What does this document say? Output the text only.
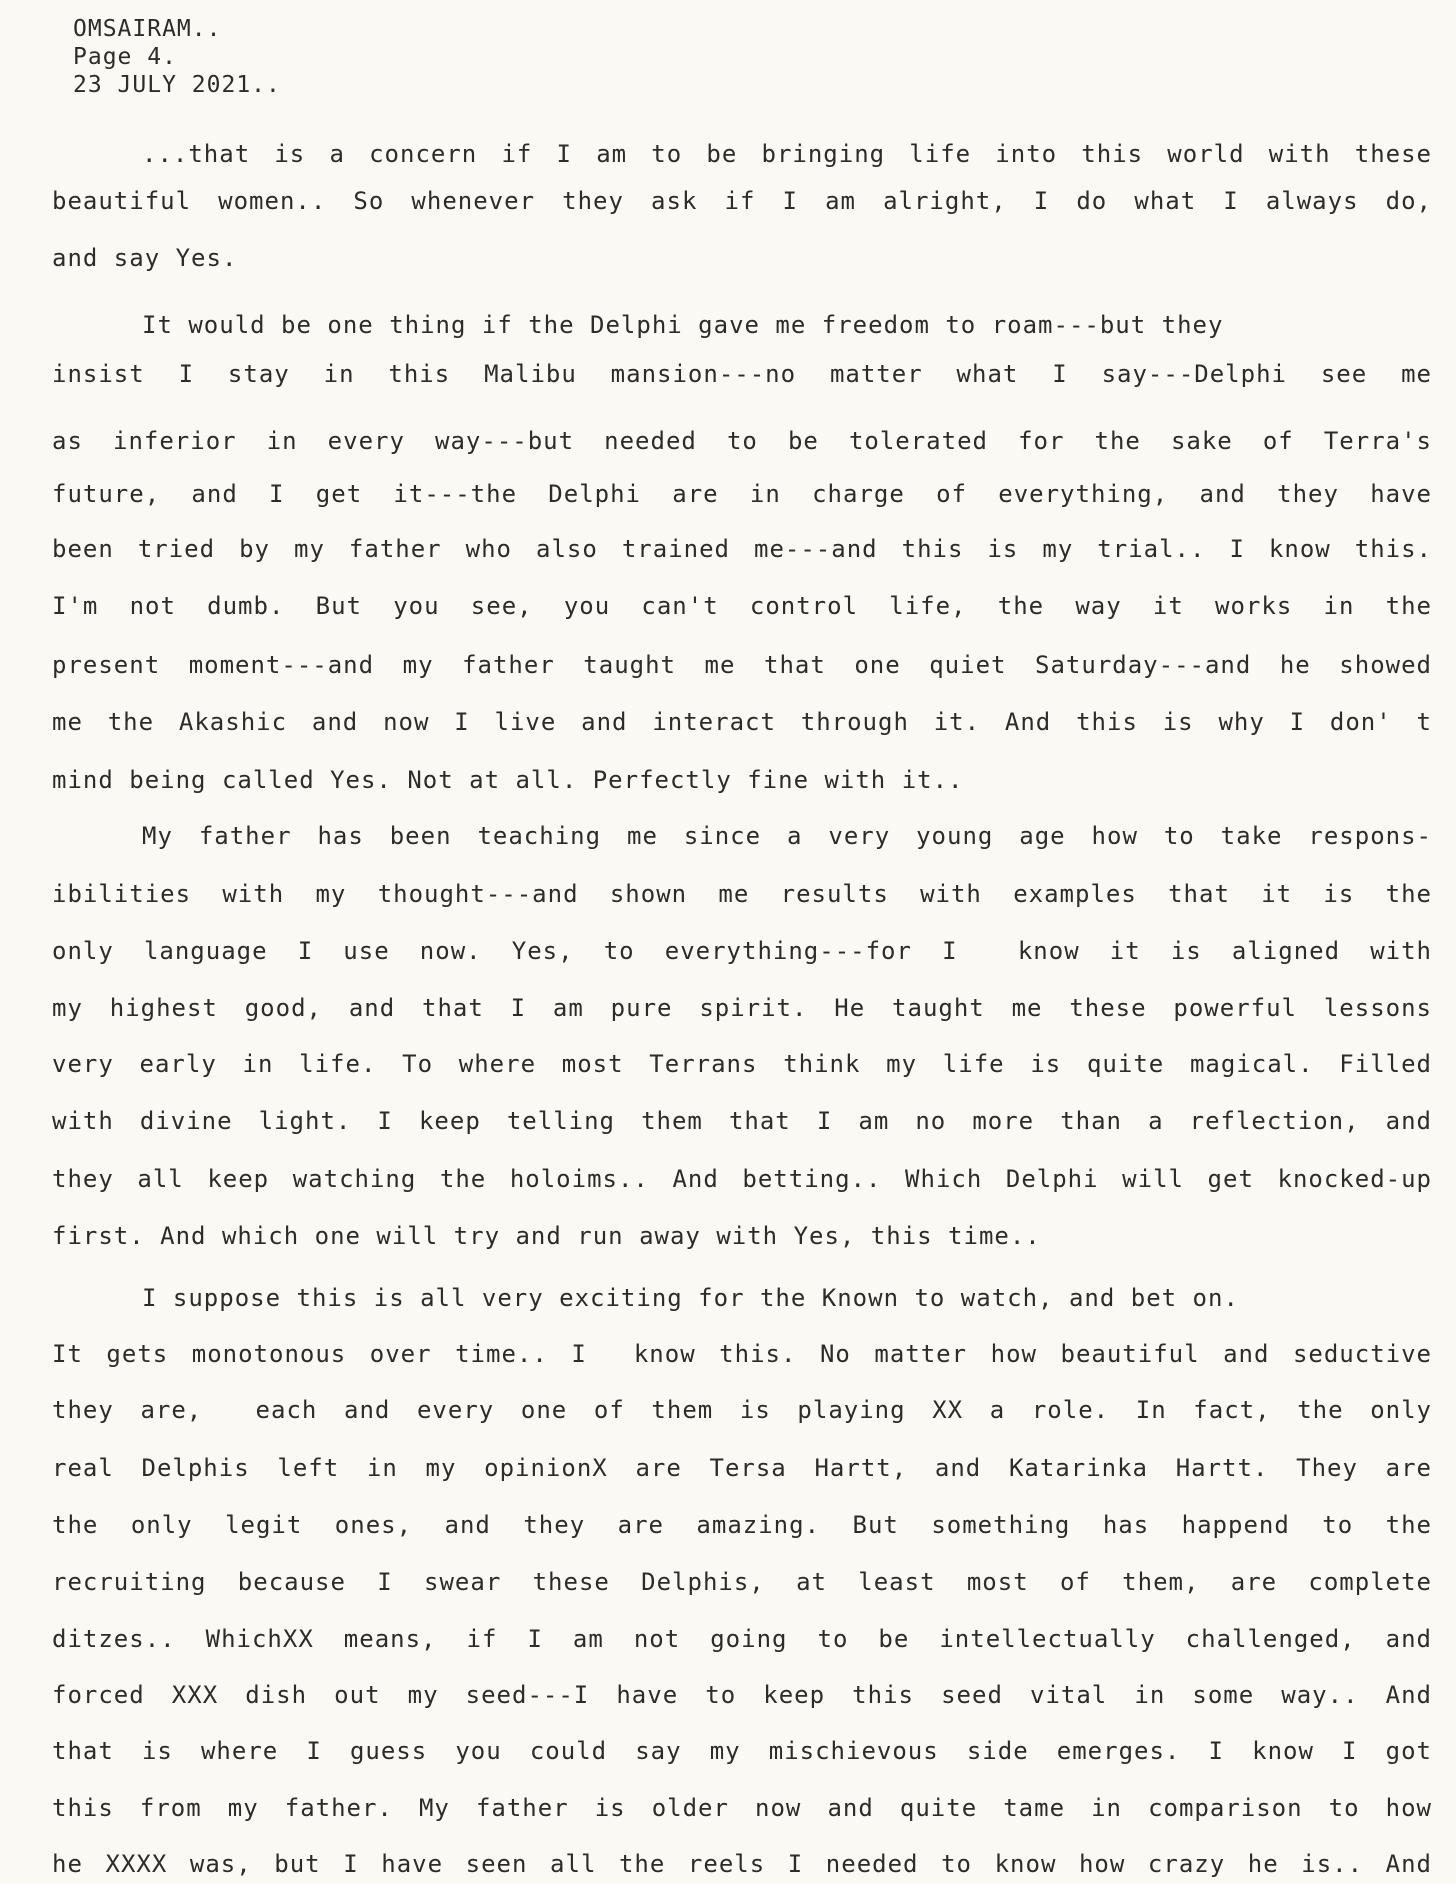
OMSAIRAM..
Page 4.
23 JULY 2021..
...that is a concern if I am to be bringing life into this world with these
beautiful women.. So whenever they ask if I am alright, I do what I always do,
and say Yes.
It would be one thing if the Delphi gave me freedom to roam---but they
insist I stay in this Malibu mansion---no matter what I say---Delphi see me
as inferior in every way---but needed to be tolerated for the sake of Terra's
future, and I get it---the Delphi are in charge of everything, and they have
been tried by my father who also trained me---and this is my trial.. I know this.
I'm not dumb. But you see, you can't control life, the way it works in the
present moment---and my father taught me that one quiet Saturday---and he showed
me the Akashic and now I live and interact through it. And this is why I don' t
mind being called Yes. Not at all. Perfectly fine with it..
My father has been teaching me since a very young age how to take respons-
ibilities with my thought---and shown me results with examples that it is the
only language I use now. Yes, to everything---for I  know it is aligned with
my highest good, and that I am pure spirit. He taught me these powerful lessons
very early in life. To where most Terrans think my life is quite magical. Filled
with divine light. I keep telling them that I am no more than a reflection, and
they all keep watching the holoims.. And betting.. Which Delphi will get knocked-up
first. And which one will try and run away with Yes, this time..
I suppose this is all very exciting for the Known to watch, and bet on.
It gets monotonous over time.. I  know this. No matter how beautiful and seductive
they are,  each and every one of them is playing XX a role. In fact, the only
real Delphis left in my opinionX are Tersa Hartt, and Katarinka Hartt. They are
the only legit ones, and they are amazing. But something has happend to the
recruiting because I swear these Delphis, at least most of them, are complete
ditzes.. WhichXX means, if I am not going to be intellectually challenged, and
forced XXX dish out my seed---I have to keep this seed vital in some way.. And
that is where I guess you could say my mischievous side emerges. I know I got
this from my father. My father is older now and quite tame in comparison to how
he XXXX was, but I have seen all the reels I needed to know how crazy he is.. And
